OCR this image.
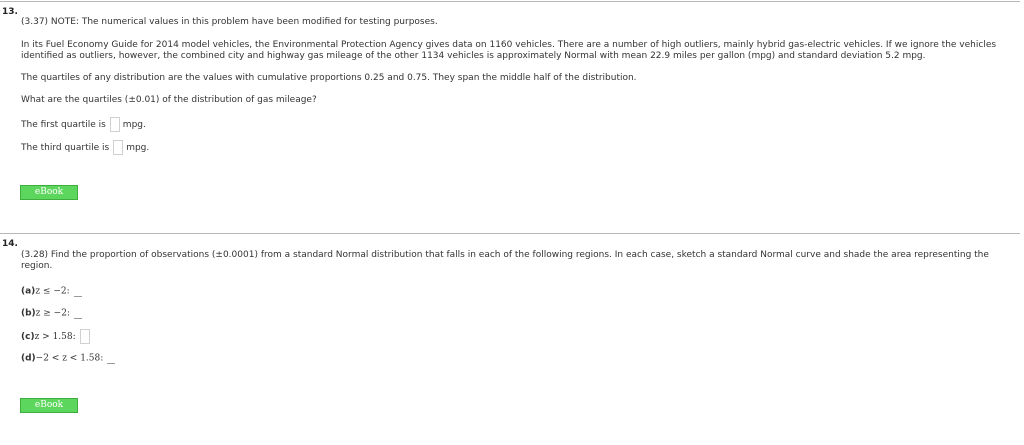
13.
(3.37) NOTE: The numerical values in this problem have been modified for testing purposes.
In its Fuel Economy Guide for 2014 model vehicles, the Environmental Protection Agency gives data on 1160 vehicles. There are a number of high outliers, mainly hybrid gas-electric vehicles. If we ignore the vehicles identified as outliers, however, the combined city and highway gas mileage of the other 1134 vehicles is approximately Normal with mean 22.9 miles per gallon (mpg) and standard deviation 5.2 mpg.
The quartiles of any distribution are the values with cumulative proportions 0.25 and 0.75. They span the middle half of the distribution.
What are the quartiles (±0.01) of the distribution of gas mileage?
The first quartile is mpg.
The third quartile is mpg.
eBook
14.
(3.28) Find the proportion of observations (±0.0001) from a standard Normal distribution that falls in each of the following regions. In each case, sketch a standard Normal curve and shade the area representing the region.
(a)z ≤ −2:
(b)z ≥ −2:
(c)z > 1.58:
(d)−2 < z < 1.58:
eBook
